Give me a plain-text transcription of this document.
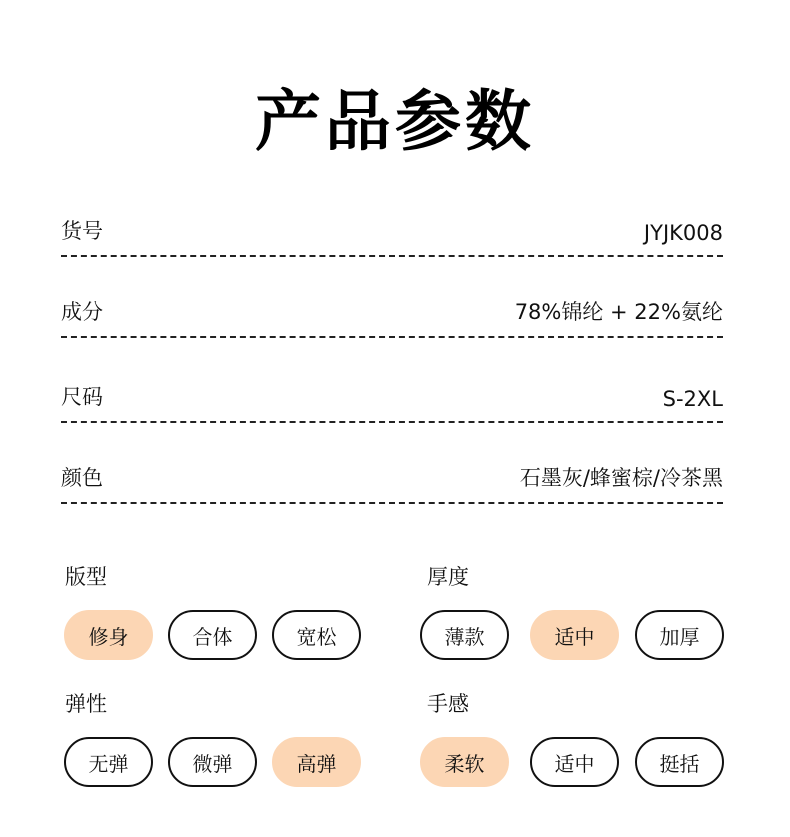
产品参数
货号	JYJK008
成分	78%锦纶 + 22%氨纶
尺码	S-2XL
颜色	石墨灰/蜂蜜棕/冷茶黑
版型
修身	合体	宽松
厚度
薄款	适中	加厚
弹性
无弹	微弹	高弹
手感
柔软	适中	挺括
